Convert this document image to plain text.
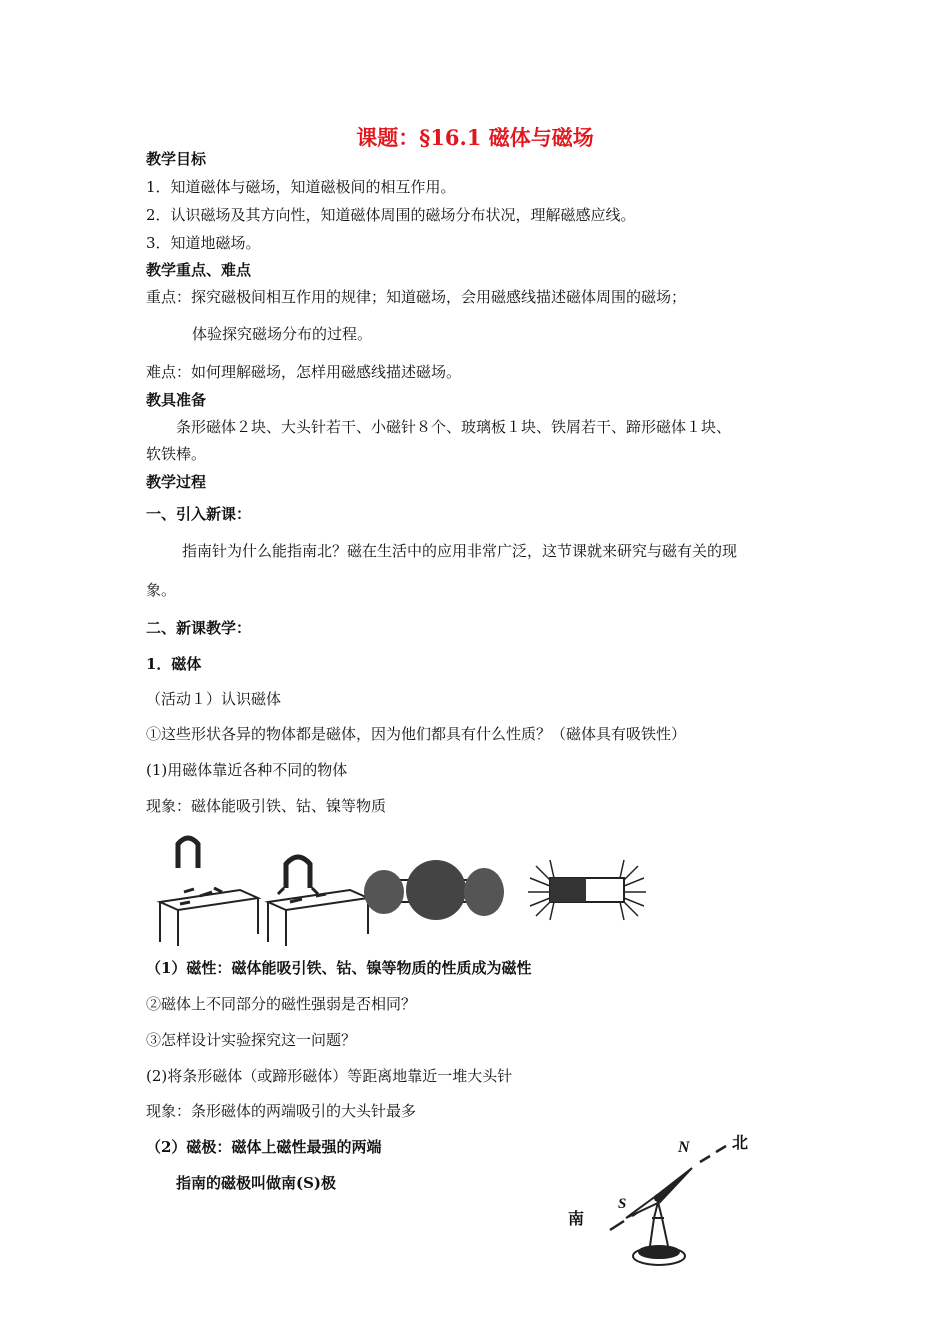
课题：§16.1 磁体与磁场
教学目标
1．知道磁体与磁场，知道磁极间的相互作用。
2．认识磁场及其方向性，知道磁体周围的磁场分布状况，理解磁感应线。
3．知道地磁场。
教学重点、难点
重点：探究磁极间相互作用的规律；知道磁场，会用磁感线描述磁体周围的磁场；
体验探究磁场分布的过程。
难点：如何理解磁场，怎样用磁感线描述磁场。
教具准备
条形磁体２块、大头针若干、小磁针８个、玻璃板１块、铁屑若干、蹄形磁体１块、
软铁棒。
教学过程
一、引入新课：
指南针为什么能指南北？磁在生活中的应用非常广泛，这节课就来研究与磁有关的现
象。
二、新课教学：
1．磁体
（活动１）认识磁体
①这些形状各异的物体都是磁体，因为他们都具有什么性质？（磁体具有吸铁性）
(1)用磁体靠近各种不同的物体
现象：磁体能吸引铁、钴、镍等物质
（1）磁性：磁体能吸引铁、钴、镍等物质的性质成为磁性
②磁体上不同部分的磁性强弱是否相同？
③怎样设计实验探究这一问题？
(2)将条形磁体（或蹄形磁体）等距离地靠近一堆大头针
现象：条形磁体的两端吸引的大头针最多
（2）磁极：磁体上磁性最强的两端
指南的磁极叫做南(S)极
N	北
S
南
